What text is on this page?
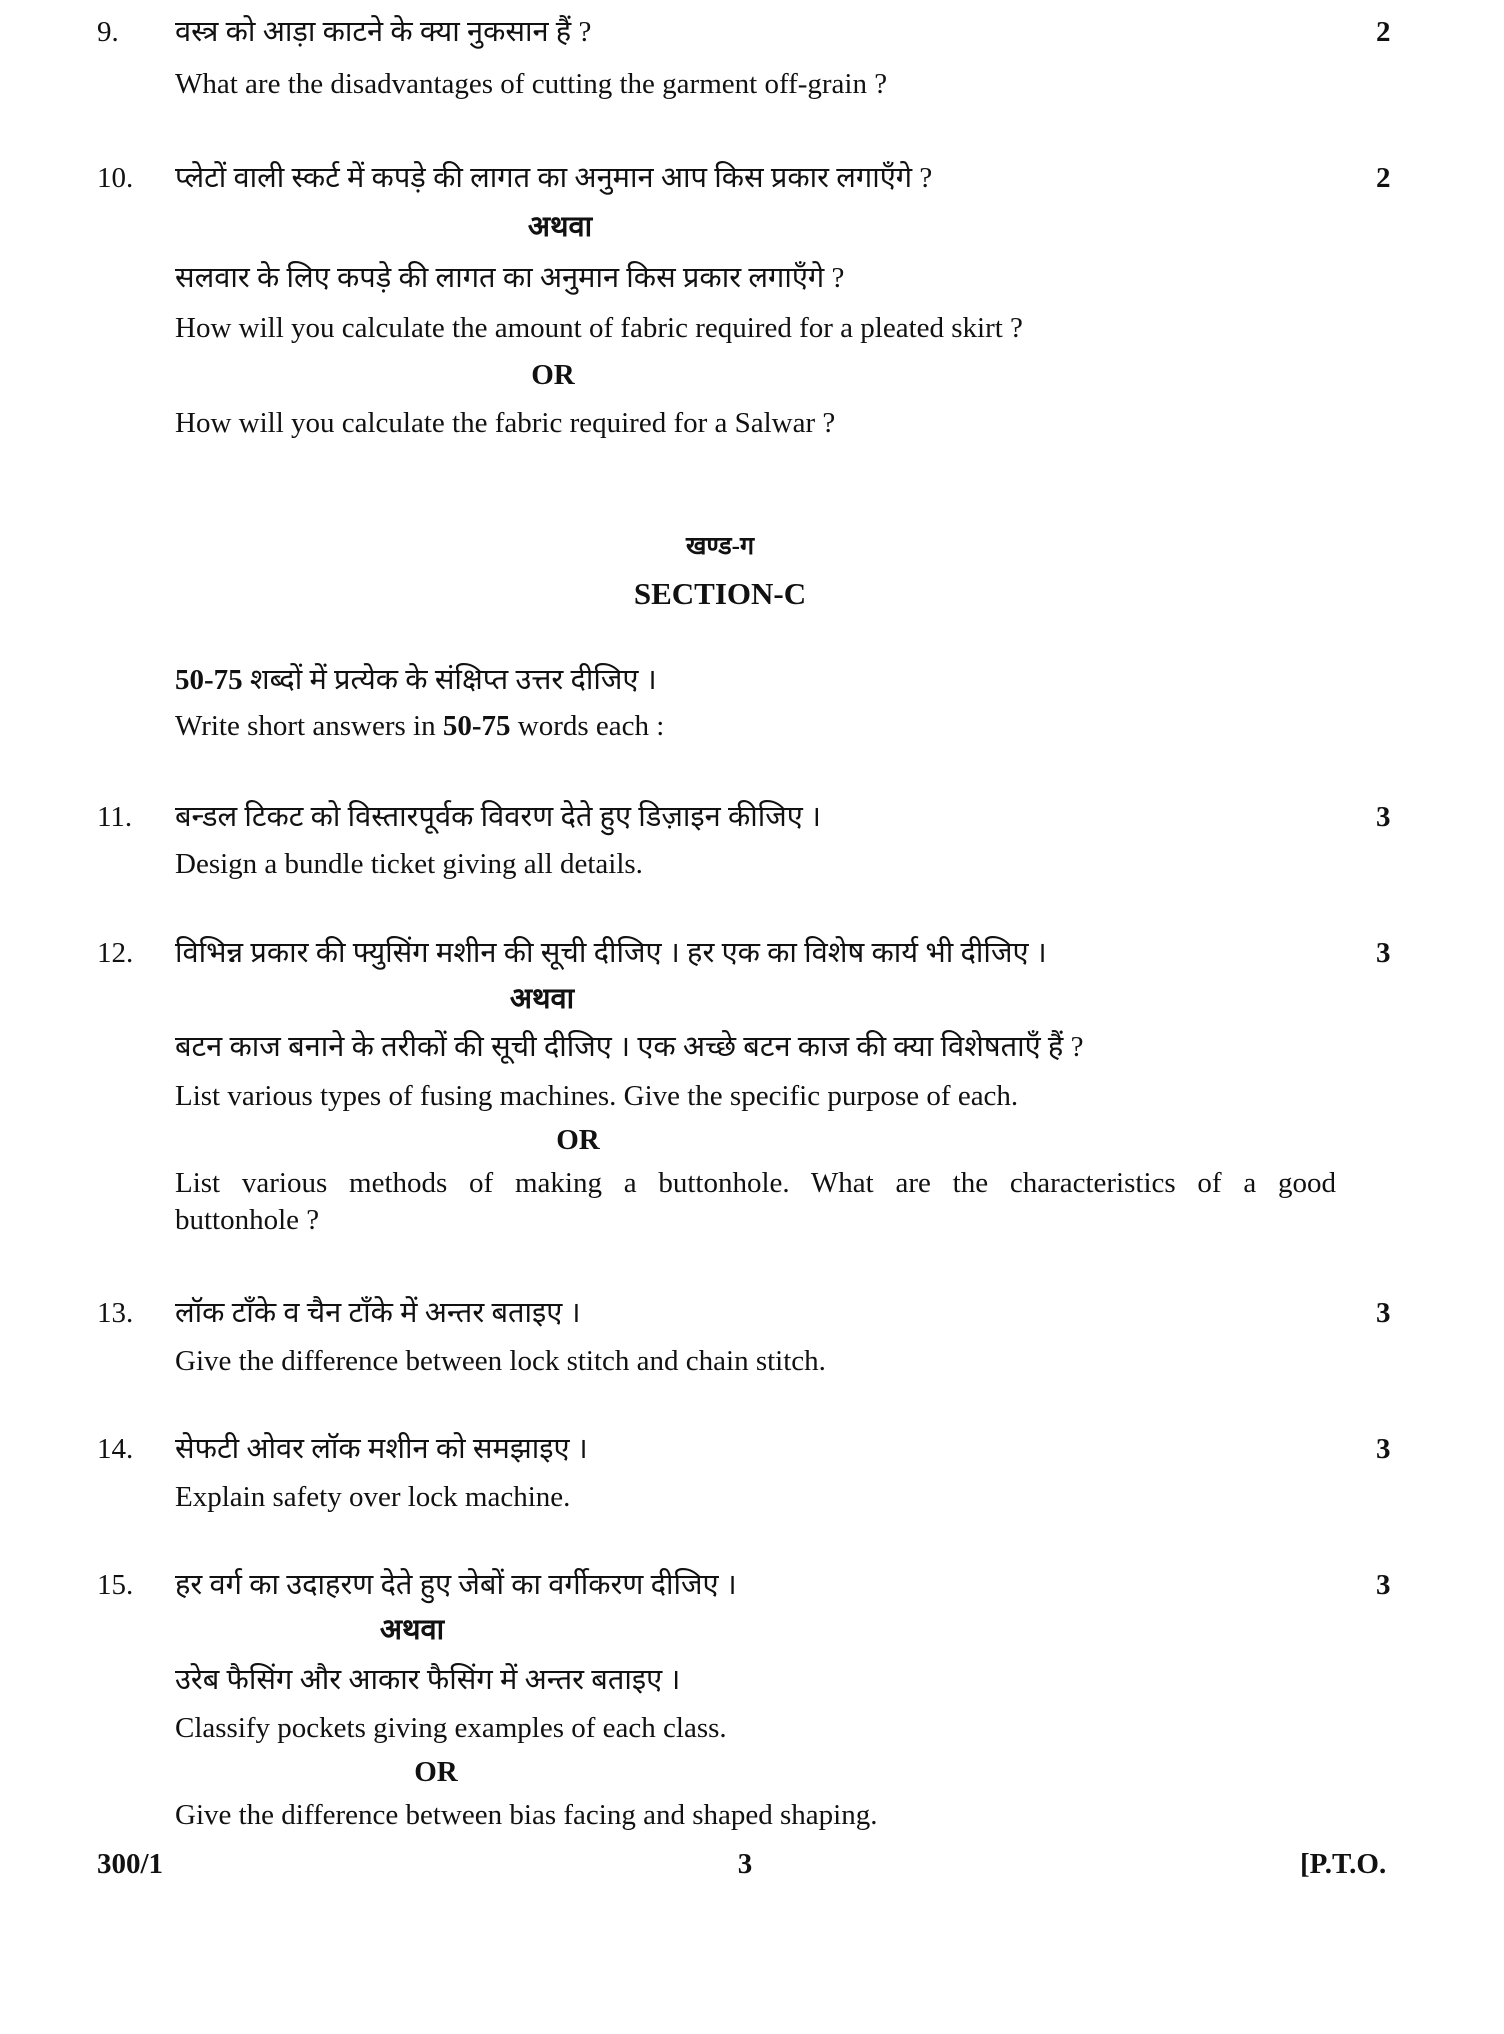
9. वस्त्र को आड़ा काटने के क्या नुकसान हैं ?	2
What are the disadvantages of cutting the garment off-grain ?
10. प्लेटों वाली स्कर्ट में कपड़े की लागत का अनुमान आप किस प्रकार लगाएँगे ?	2
अथवा
सलवार के लिए कपड़े की लागत का अनुमान किस प्रकार लगाएँगे ?
How will you calculate the amount of fabric required for a pleated skirt ?
OR
How will you calculate the fabric required for a Salwar ?
खण्ड-ग
SECTION-C
50-75 शब्दों में प्रत्येक के संक्षिप्त उत्तर दीजिए ।
Write short answers in 50-75 words each :
11. बन्डल टिकट को विस्तारपूर्वक विवरण देते हुए डिज़ाइन कीजिए ।	3
Design a bundle ticket giving all details.
12. विभिन्न प्रकार की फ्युसिंग मशीन की सूची दीजिए । हर एक का विशेष कार्य भी दीजिए ।	3
अथवा
बटन काज बनाने के तरीकों की सूची दीजिए । एक अच्छे बटन काज की क्या विशेषताएँ हैं ?
List various types of fusing machines. Give the specific purpose of each.
OR
List various methods of making a buttonhole. What are the characteristics of a good
buttonhole ?
13. लॉक टाँके व चैन टाँके में अन्तर बताइए ।	3
Give the difference between lock stitch and chain stitch.
14. सेफटी ओवर लॉक मशीन को समझाइए ।	3
Explain safety over lock machine.
15. हर वर्ग का उदाहरण देते हुए जेबों का वर्गीकरण दीजिए ।	3
अथवा
उरेब फैसिंग और आकार फैसिंग में अन्तर बताइए ।
Classify pockets giving examples of each class.
OR
Give the difference between bias facing and shaped shaping.
300/1	3	[P.T.O.
